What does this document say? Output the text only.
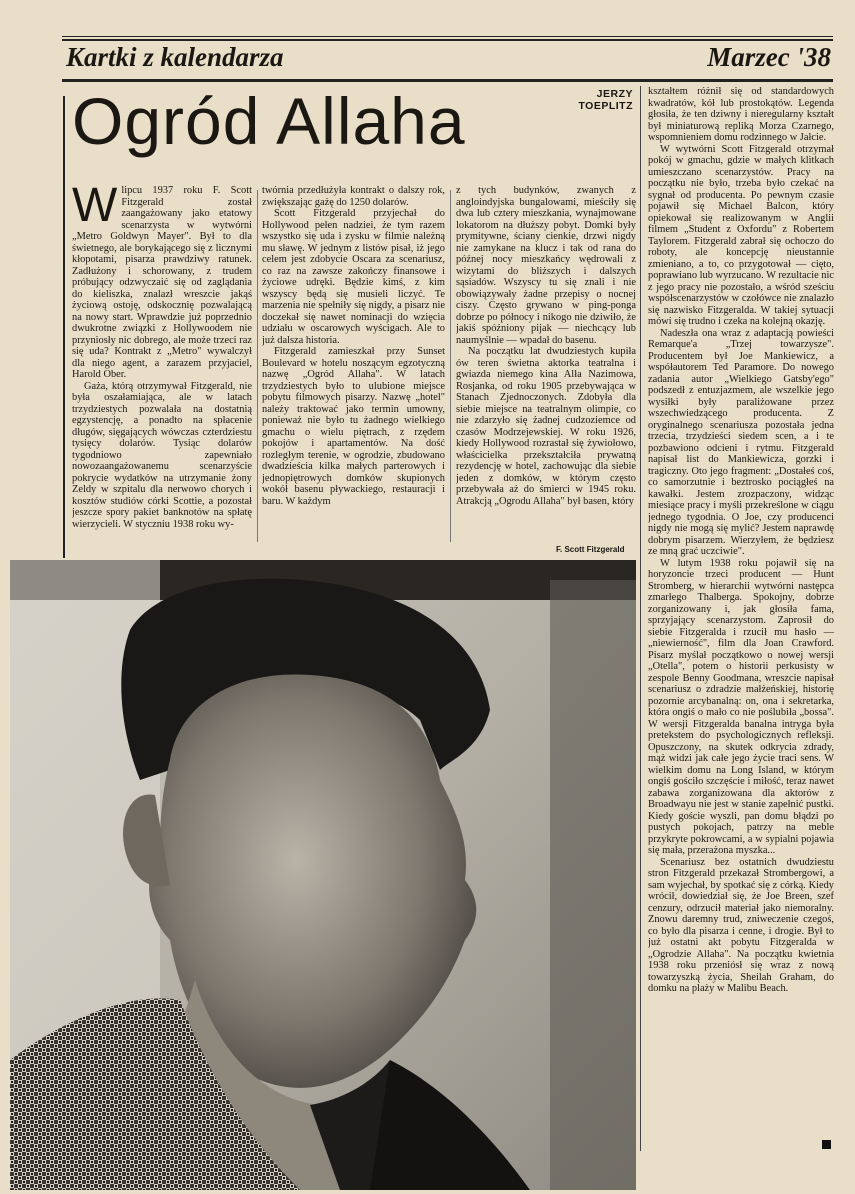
Kartki z kalendarza	Marzec '38
Ogród Allaha	JERZY TOEPLITZ

Wlipcu 1937 roku F. Scott Fitzgerald został zaangażowany jako etatowy scenarzysta w wytwórni „Metro Goldwyn Mayer". Był to dla świetnego, ale borykającego się z licznymi kłopotami, pisarza prawdziwy ratunek. Zadłużony i schorowany, z trudem próbujący odzwyczaić się od zaglądania do kieliszka, znalazł wreszcie jakąś życiową ostoję, odskocznię pozwalającą na nowy start. Wprawdzie już poprzednio dwukrotne związki z Hollywoodem nie przyniosły nic dobrego, ale może trzeci raz się uda? Kontrakt z „Metro" wywalczył dla niego agent, a zarazem przyjaciel, Harold Ober.

Gaża, którą otrzymywał Fitzgerald, nie była oszałamiająca, ale w latach trzydziestych pozwalała na dostatnią egzystencję, a ponadto na spłacenie długów, sięgających wówczas czterdziestu tysięcy dolarów. Tysiąc dolarów tygodniowo zapewniało nowozaangażowanemu scenarzyście pokrycie wydatków na utrzymanie żony Zeldy w szpitalu dla nerwowo chorych i kosztów studiów córki Scottie, a pozostał jeszcze spory pakiet banknotów na spłatę wierzycieli. W styczniu 1938 roku wy-

twórnia przedłużyła kontrakt o dalszy rok, zwiększając gażę do 1250 dolarów.

Scott Fitzgerald przyjechał do Hollywood pełen nadziei, że tym razem wszystko się uda i zysku w filmie należną mu sławę. W jednym z listów pisał, iż jego celem jest zdobycie Oscara za scenariusz, co raz na zawsze zakończy finansowe i życiowe udręki. Będzie kimś, z kim wszyscy będą się musieli liczyć. Te marzenia nie spełniły się nigdy, a pisarz nie doczekał się nawet nominacji do wzięcia udziału w oscarowych wyścigach. Ale to już dalsza historia.

Fitzgerald zamieszkał przy Sunset Boulevard w hotelu noszącym egzotyczną nazwę „Ogród Allaha". W latach trzydziestych było to ulubione miejsce pobytu filmowych pisarzy. Nazwę „hotel" należy traktować jako termin umowny, ponieważ nie było tu żadnego wielkiego gmachu o wielu piętrach, z rzędem pokojów i apartamentów. Na dość rozległym terenie, w ogrodzie, zbudowano dwadzieścia kilka małych parterowych i jednopiętrowych domków skupionych wokół basenu pływackiego, restauracji i baru. W każdym

z tych budynków, zwanych z angloindyjska bungalowami, mieściły się dwa lub cztery mieszkania, wynajmowane lokatorom na dłuższy pobyt. Domki były prymitywne, ściany cienkie, drzwi nigdy nie zamykane na klucz i tak od rana do późnej nocy mieszkańcy wędrowali z wizytami do bliższych i dalszych sąsiadów. Wszyscy tu się znali i nie obowiązywały żadne przepisy o nocnej ciszy. Często grywano w ping-ponga dobrze po północy i nikogo nie dziwiło, że jakiś spóźniony pijak — niechcący lub naumyślnie — wpadał do basenu.

Na początku lat dwudziestych kupiła ów teren świetna aktorka teatralna i gwiazda niemego kina Alła Nazimowa, Rosjanka, od roku 1905 przebywająca w Stanach Zjednoczonych. Zdobyła dla siebie miejsce na teatralnym olimpie, co nie zdarzyło się żadnej cudzoziemce od czasów Modrzejewskiej. W roku 1926, kiedy Hollywood rozrastał się żywiołowo, właścicielka przekształciła prywatną rezydencję w hotel, zachowując dla siebie jeden z domków, w którym często przebywała aż do śmierci w 1945 roku. Atrakcją „Ogrodu Allaha" był basen, który

F. Scott Fitzgerald

kształtem różnił się od standardowych kwadratów, kół lub prostokątów. Legenda głosiła, że ten dziwny i nieregularny kształt był miniaturową repliką Morza Czarnego, wspomnieniem domu rodzinnego w Jałcie.

W wytwórni Scott Fitzgerald otrzymał pokój w gmachu, gdzie w małych klitkach umieszczano scenarzystów. Pracy na początku nie było, trzeba było czekać na sygnał od producenta. Po pewnym czasie pojawił się Michael Balcon, który opiekował się realizowanym w Anglii filmem „Student z Oxfordu" z Robertem Taylorem. Fitzgerald zabrał się ochoczo do roboty, ale koncepcję nieustannie zmieniano, a to, co przygotował — cięto, poprawiano lub wyrzucano. W rezultacie nic z jego pracy nie pozostało, a wśród sześciu współscenarzystów w czołówce nie znalazło się nazwisko Fitzgeralda. W takiej sytuacji mówi się trudno i czeka na kolejną okazję.

Nadeszła ona wraz z adaptacją powieści Remarque'a „Trzej towarzysze". Producentem był Joe Mankiewicz, a współautorem Ted Paramore. Do nowego zadania autor „Wielkiego Gatsby'ego" podszedł z entuzjazmem, ale wszelkie jego wysiłki były paraliżowane przez wszechwiedzącego producenta. Z oryginalnego scenariusza pozostała jedna trzecia, trzydzieści siedem scen, a i te pozbawiono odcieni i rytmu. Fitzgerald napisał list do Mankiewicza, gorzki i tragiczny. Oto jego fragment: „Dostałeś coś, co samorzutnie i beztrosko pociągłeś na kawałki. Jestem zrozpaczony, widząc miesiące pracy i myśli przekreślone w ciągu jednego tygodnia. O Joe, czy producenci nigdy nie mogą się mylić? Jestem naprawdę dobrym pisarzem. Wierzyłem, że będziesz ze mną grać uczciwie".

W lutym 1938 roku pojawił się na horyzoncie trzeci producent — Hunt Stromberg, w hierarchii wytwórni następca zmarłego Thalberga. Spokojny, dobrze zorganizowany i, jak głosiła fama, sprzyjający scenarzystom. Zaprosił do siebie Fitzgeralda i rzucił mu hasło — „niewierność", film dla Joan Crawford. Pisarz myślał początkowo o nowej wersji „Otella", potem o historii perkusisty w zespole Benny Goodmana, wreszcie napisał scenariusz o zdradzie małżeńskiej, historię pozornie arcybanalną: on, ona i sekretarka, która ongiś o mało co nie poślubiła „bossa". W wersji Fitzgeralda banalna intryga była pretekstem do psychologicznych refleksji. Opuszczony, na skutek odkrycia zdrady, mąż widzi jak całe jego życie traci sens. W wielkim domu na Long Island, w którym ongiś gościło szczęście i miłość, teraz nawet zabawa zorganizowana dla aktorów z Broadwayu nie jest w stanie zapełnić pustki. Kiedy goście wyszli, pan domu błądzi po pustych pokojach, patrzy na meble przykryte pokrowcami, a w sypialni pojawia się mała, przerażona myszka...

Scenariusz bez ostatnich dwudziestu stron Fitzgerald przekazał Strombergowi, a sam wyjechał, by spotkać się z córką. Kiedy wrócił, dowiedział się, że Joe Breen, szef cenzury, odrzucił materiał jako niemoralny. Znowu daremny trud, zniweczenie czegoś, co było dla pisarza i cenne, i drogie. Był to już ostatni akt pobytu Fitzgeralda w „Ogrodzie Allaha". Na początku kwietnia 1938 roku przeniósł się wraz z nową towarzyszką życia, Sheilah Graham, do domku na plaży w Malibu Beach.
